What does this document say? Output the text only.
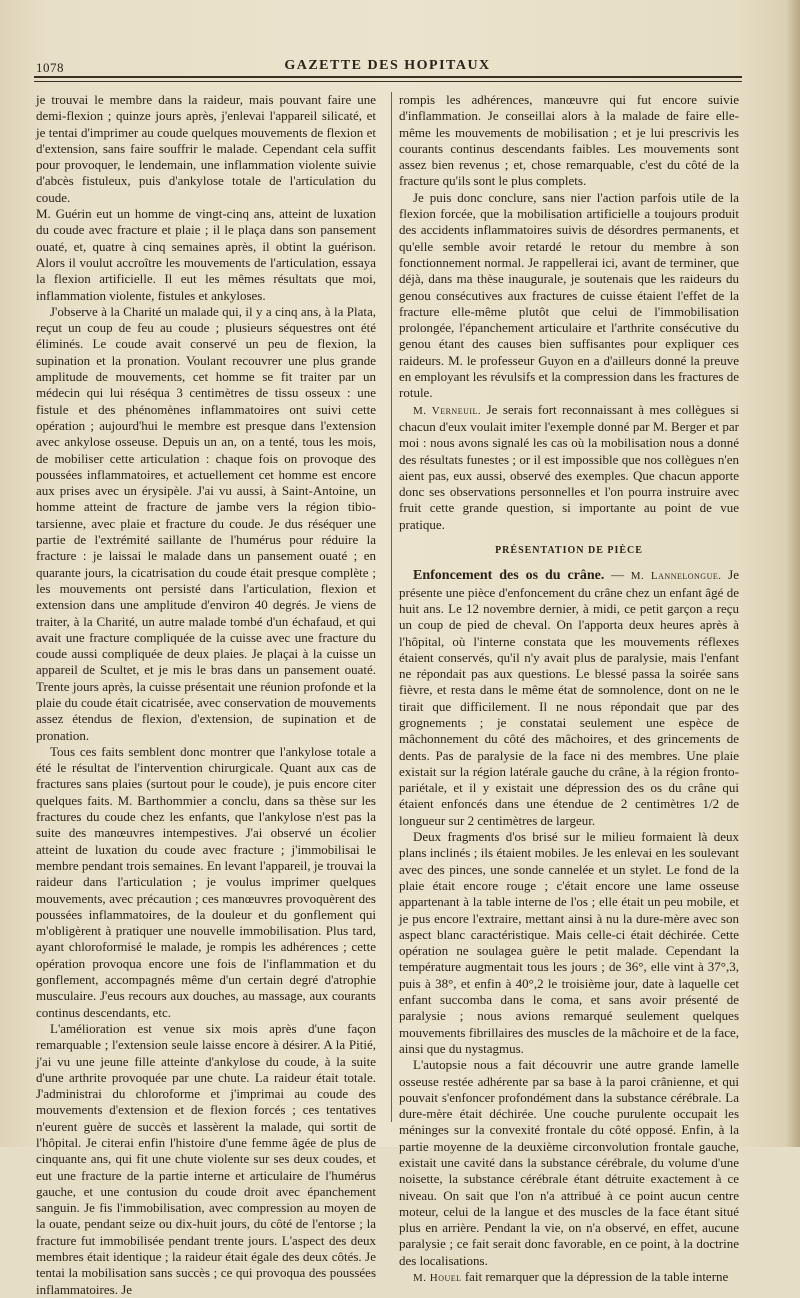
1078	GAZETTE DES HOPITAUX

je trouvai le membre dans la raideur, mais pouvant faire une demi-flexion ; quinze jours après, j'enlevai l'appareil silicaté, et je tentai d'imprimer au coude quelques mouvements de flexion et d'extension, sans faire souffrir le malade. Cependant cela suffit pour provoquer, le lendemain, une inflammation violente suivie d'abcès fistuleux, puis d'ankylose totale de l'articulation du coude.

M. Guérin eut un homme de vingt-cinq ans, atteint de luxation du coude avec fracture et plaie ; il le plaça dans son pansement ouaté, et, quatre à cinq semaines après, il obtint la guérison. Alors il voulut accroître les mouvements de l'articulation, essaya la flexion artificielle. Il eut les mêmes résultats que moi, inflammation violente, fistules et ankyloses.

J'observe à la Charité un malade qui, il y a cinq ans, à la Plata, reçut un coup de feu au coude ; plusieurs séquestres ont été éliminés. Le coude avait conservé un peu de flexion, la supination et la pronation. Voulant recouvrer une plus grande amplitude de mouvements, cet homme se fit traiter par un médecin qui lui réséqua 3 centimètres de tissu osseux : une fistule et des phénomènes inflammatoires ont suivi cette opération ; aujourd'hui le membre est presque dans l'extension avec ankylose osseuse. Depuis un an, on a tenté, tous les mois, de mobiliser cette articulation : chaque fois on provoque des poussées inflammatoires, et actuellement cet homme est encore aux prises avec un érysipèle. J'ai vu aussi, à Saint-Antoine, un homme atteint de fracture de jambe vers la région tibio-tarsienne, avec plaie et fracture du coude. Je dus réséquer une partie de l'extrémité saillante de l'humérus pour réduire la fracture : je laissai le malade dans un pansement ouaté ; en quarante jours, la cicatrisation du coude était presque complète ; les mouvements ont persisté dans l'articulation, flexion et extension dans une amplitude d'environ 40 degrés. Je viens de traiter, à la Charité, un autre malade tombé d'un échafaud, et qui avait une fracture compliquée de la cuisse avec une fracture du coude aussi compliquée de deux plaies. Je plaçai à la cuisse un appareil de Scultet, et je mis le bras dans un pansement ouaté. Trente jours après, la cuisse présentait une réunion profonde et la plaie du coude était cicatrisée, avec conservation de mouvements assez étendus de flexion, d'extension, de supination et de pronation.

Tous ces faits semblent donc montrer que l'ankylose totale a été le résultat de l'intervention chirurgicale. Quant aux cas de fractures sans plaies (surtout pour le coude), je puis encore citer quelques faits. M. Barthommier a conclu, dans sa thèse sur les fractures du coude chez les enfants, que l'ankylose n'est pas la suite des manœuvres intempestives. J'ai observé un écolier atteint de luxation du coude avec fracture ; j'immobilisai le membre pendant trois semaines. En levant l'appareil, je trouvai la raideur dans l'articulation ; je voulus imprimer quelques mouvements, avec précaution ; ces manœuvres provoquèrent des poussées inflammatoires, de la douleur et du gonflement qui m'obligèrent à pratiquer une nouvelle immobilisation. Plus tard, ayant chloroformisé le malade, je rompis les adhérences ; cette opération provoqua encore une fois de l'inflammation et du gonflement, accompagnés même d'un certain degré d'atrophie musculaire. J'eus recours aux douches, au massage, aux courants continus descendants, etc.

L'amélioration est venue six mois après d'une façon remarquable ; l'extension seule laisse encore à désirer. A la Pitié, j'ai vu une jeune fille atteinte d'ankylose du coude, à la suite d'une arthrite provoquée par une chute. La raideur était totale. J'administrai du chloroforme et j'imprimai au coude des mouvements d'extension et de flexion forcés ; ces tentatives n'eurent guère de succès et lassèrent la malade, qui sortit de l'hôpital. Je citerai enfin l'histoire d'une femme âgée de plus de cinquante ans, qui fit une chute violente sur ses deux coudes, et eut une fracture de la partie interne et articulaire de l'humérus gauche, et une contusion du coude droit avec épanchement sanguin. Je fis l'immobilisation, avec compression au moyen de la ouate, pendant seize ou dix-huit jours, du côté de l'entorse ; la fracture fut immobilisée pendant trente jours. L'aspect des deux membres était identique ; la raideur était égale des deux côtés. Je tentai la mobilisation sans succès ; ce qui provoqua des poussées inflammatoires. Je

rompis les adhérences, manœuvre qui fut encore suivie d'inflammation. Je conseillai alors à la malade de faire elle-même les mouvements de mobilisation ; et je lui prescrivis les courants continus descendants faibles. Les mouvements sont assez bien revenus ; et, chose remarquable, c'est du côté de la fracture qu'ils sont le plus complets.

Je puis donc conclure, sans nier l'action parfois utile de la flexion forcée, que la mobilisation artificielle a toujours produit des accidents inflammatoires suivis de désordres permanents, et qu'elle semble avoir retardé le retour du membre à son fonctionnement normal. Je rappellerai ici, avant de terminer, que déjà, dans ma thèse inaugurale, je soutenais que les raideurs du genou consécutives aux fractures de cuisse étaient l'effet de la fracture elle-même plutôt que celui de l'immobilisation prolongée, l'épanchement articulaire et l'arthrite consécutive du genou étant des causes bien suffisantes pour expliquer ces raideurs. M. le professeur Guyon en a d'ailleurs donné la preuve en employant les révulsifs et la compression dans les fractures de rotule.

M. Verneuil. Je serais fort reconnaissant à mes collègues si chacun d'eux voulait imiter l'exemple donné par M. Berger et par moi : nous avons signalé les cas où la mobilisation nous a donné des résultats funestes ; or il est impossible que nos collègues n'en aient pas, eux aussi, observé des exemples. Que chacun apporte donc ses observations personnelles et l'on pourra instruire avec fruit cette grande question, si importante au point de vue pratique.

PRÉSENTATION DE PIÈCE

Enfoncement des os du crâne. — M. Lannelongue. Je présente une pièce d'enfoncement du crâne chez un enfant âgé de huit ans. Le 12 novembre dernier, à midi, ce petit garçon a reçu un coup de pied de cheval. On l'apporta deux heures après à l'hôpital, où l'interne constata que les mouvements réflexes étaient conservés, qu'il n'y avait plus de paralysie, mais l'enfant ne répondait pas aux questions. Le blessé passa la soirée sans fièvre, et resta dans le même état de somnolence, dont on ne le tirait que difficilement. Il ne nous répondait que par des grognements ; je constatai seulement une espèce de mâchonnement du côté des mâchoires, et des grincements de dents. Pas de paralysie de la face ni des membres. Une plaie existait sur la région latérale gauche du crâne, à la région fronto-pariétale, et il y existait une dépression des os du crâne qui étaient enfoncés dans une étendue de 2 centimètres 1/2 de longueur sur 2 centimètres de largeur.

Deux fragments d'os brisé sur le milieu formaient là deux plans inclinés ; ils étaient mobiles. Je les enlevai en les soulevant avec des pinces, une sonde cannelée et un stylet. Le fond de la plaie était encore rouge ; c'était encore une lame osseuse appartenant à la table interne de l'os ; elle était un peu mobile, et je pus encore l'extraire, mettant ainsi à nu la dure-mère avec son aspect blanc caractéristique. Mais celle-ci était déchirée. Cette opération ne soulagea guère le petit malade. Cependant la température augmentait tous les jours ; de 36°, elle vint à 37°,3, puis à 38°, et enfin à 40°,2 le troisième jour, date à laquelle cet enfant succomba dans le coma, et sans avoir présenté de paralysie ; nous avions remarqué seulement quelques mouvements fibrillaires des muscles de la mâchoire et de la face, ainsi que du nystagmus.

L'autopsie nous a fait découvrir une autre grande lamelle osseuse restée adhérente par sa base à la paroi crânienne, et qui pouvait s'enfoncer profondément dans la substance cérébrale. La dure-mère était déchirée. Une couche purulente occupait les méninges sur la convexité frontale du côté opposé. Enfin, à la partie moyenne de la deuxième circonvolution frontale gauche, existait une cavité dans la substance cérébrale, du volume d'une noisette, la substance cérébrale étant détruite exactement à ce niveau. On sait que l'on n'a attribué à ce point aucun centre moteur, celui de la langue et des muscles de la face étant situé plus en arrière. Pendant la vie, on n'a observé, en effet, aucune paralysie ; ce fait serait donc favorable, en ce point, à la doctrine des localisations.

M. Houel fait remarquer que la dépression de la table interne
